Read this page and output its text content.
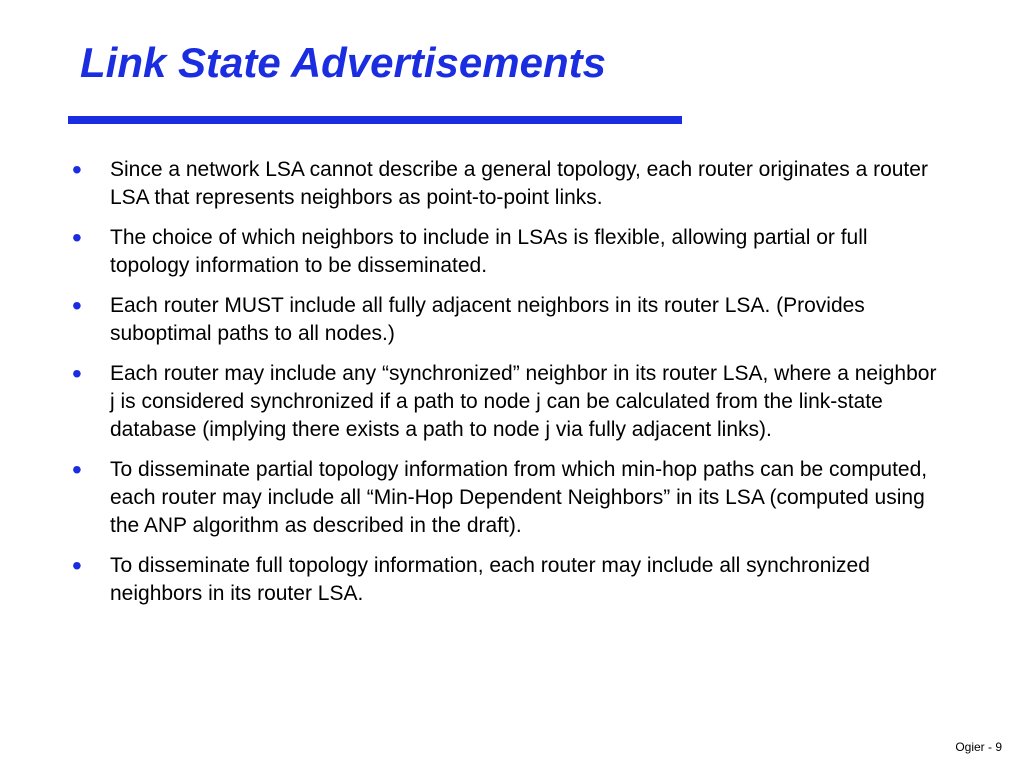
Link State Advertisements
• Since a network LSA cannot describe a general topology, each router originates a router LSA that represents neighbors as point-to-point links.
• The choice of which neighbors to include in LSAs is flexible, allowing partial or full topology information to be disseminated.
• Each router MUST include all fully adjacent neighbors in its router LSA. (Provides suboptimal paths to all nodes.)
• Each router may include any “synchronized” neighbor in its router LSA, where a neighbor j is considered synchronized if a path to node j can be calculated from the link-state database (implying there exists a path to node j via fully adjacent links).
• To disseminate partial topology information from which min-hop paths can be computed, each router may include all “Min-Hop Dependent Neighbors” in its LSA (computed using the ANP algorithm as described in the draft).
• To disseminate full topology information, each router may include all synchronized neighbors in its router LSA.
Ogier - 9
